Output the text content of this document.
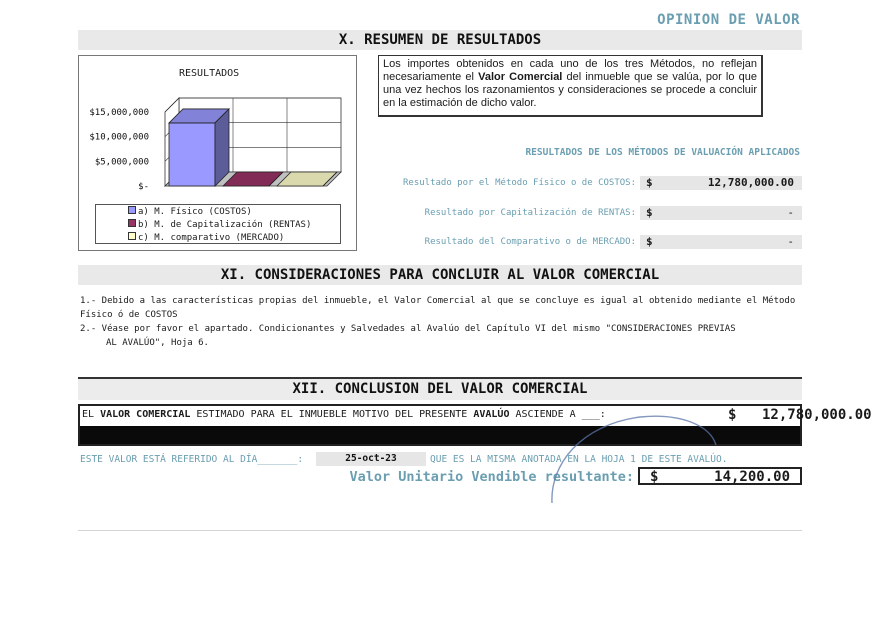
OPINION DE VALOR
X. RESUMEN DE RESULTADOS
RESULTADOS
$15,000,000
$10,000,000
$5,000,000
$-
a) M. Físico (COSTOS)
b) M. de Capitalización (RENTAS)
c) M. comparativo (MERCADO)
Los importes obtenidos en cada uno de los tres Métodos, no reflejan necesariamente el Valor Comercial del inmueble que se valúa, por lo que una vez hechos los razonamientos y consideraciones se procede a concluir en la estimación de dicho valor.
RESULTADOS DE LOS MÉTODOS DE VALUACIÓN APLICADOS
Resultado por el Método Físico o de COSTOS: $	12,780,000.00
Resultado por Capitalización de RENTAS: $	-
Resultado del Comparativo o de MERCADO: $	-
XI. CONSIDERACIONES PARA CONCLUIR AL VALOR COMERCIAL
1.- Debido a las características propias del inmueble, el Valor Comercial al que se concluye es igual al obtenido mediante el Método
Físico ó de COSTOS
2.- Véase por favor el apartado. Condicionantes y Salvedades al Avalúo del Capítulo VI del mismo "CONSIDERACIONES PREVIAS
AL AVALÚO", Hoja 6.
XII. CONCLUSION DEL VALOR COMERCIAL
EL VALOR COMERCIAL ESTIMADO PARA EL INMUEBLE MOTIVO DEL PRESENTE AVALÚO ASCIENDE A ___:	$ 12,780,000.00
ESTE VALOR ESTÁ REFERIDO AL DÍA_______:	25-oct-23	QUE ES LA MISMA ANOTADA EN LA HOJA 1 DE ESTE AVALÚO.
Valor Unitario Vendible resultante: $	14,200.00
